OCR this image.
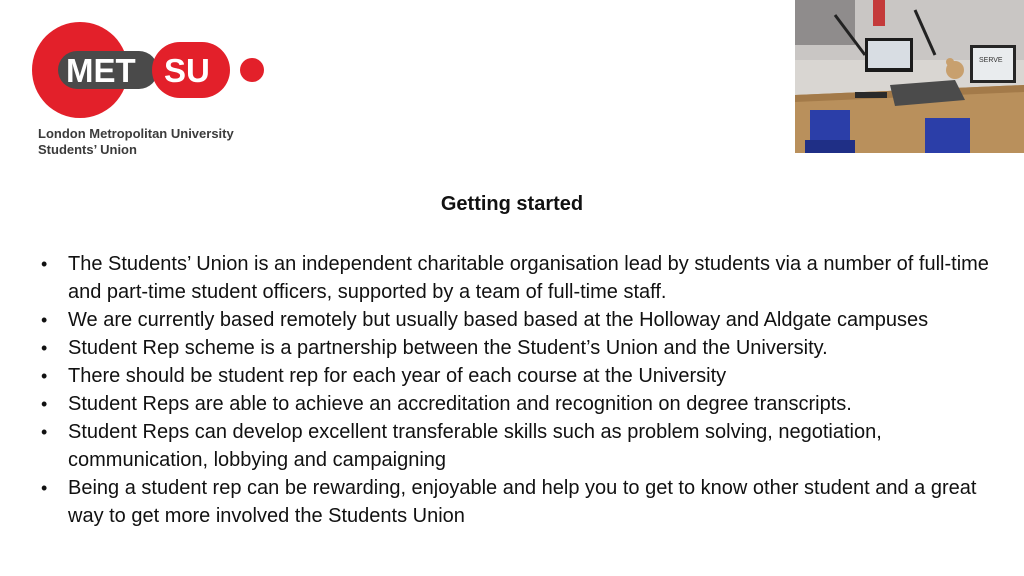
MET SU
London Metropolitan University
Students’ Union
SERVE
Getting started
• The Students’ Union is an independent charitable organisation lead by students via a number of full-time and part-time student officers, supported by a team of full-time staff.
• We are currently based remotely but usually based based at the Holloway and Aldgate campuses
• Student Rep scheme is a partnership between the Student’s Union and the University.
• There should be student rep for each year of each course at the University
• Student Reps are able to achieve an accreditation and recognition on degree transcripts.
• Student Reps can develop excellent transferable skills such as problem solving, negotiation, communication, lobbying and campaigning
• Being a student rep can be rewarding, enjoyable and help you to get to know other student and a great way to get more involved the Students Union
